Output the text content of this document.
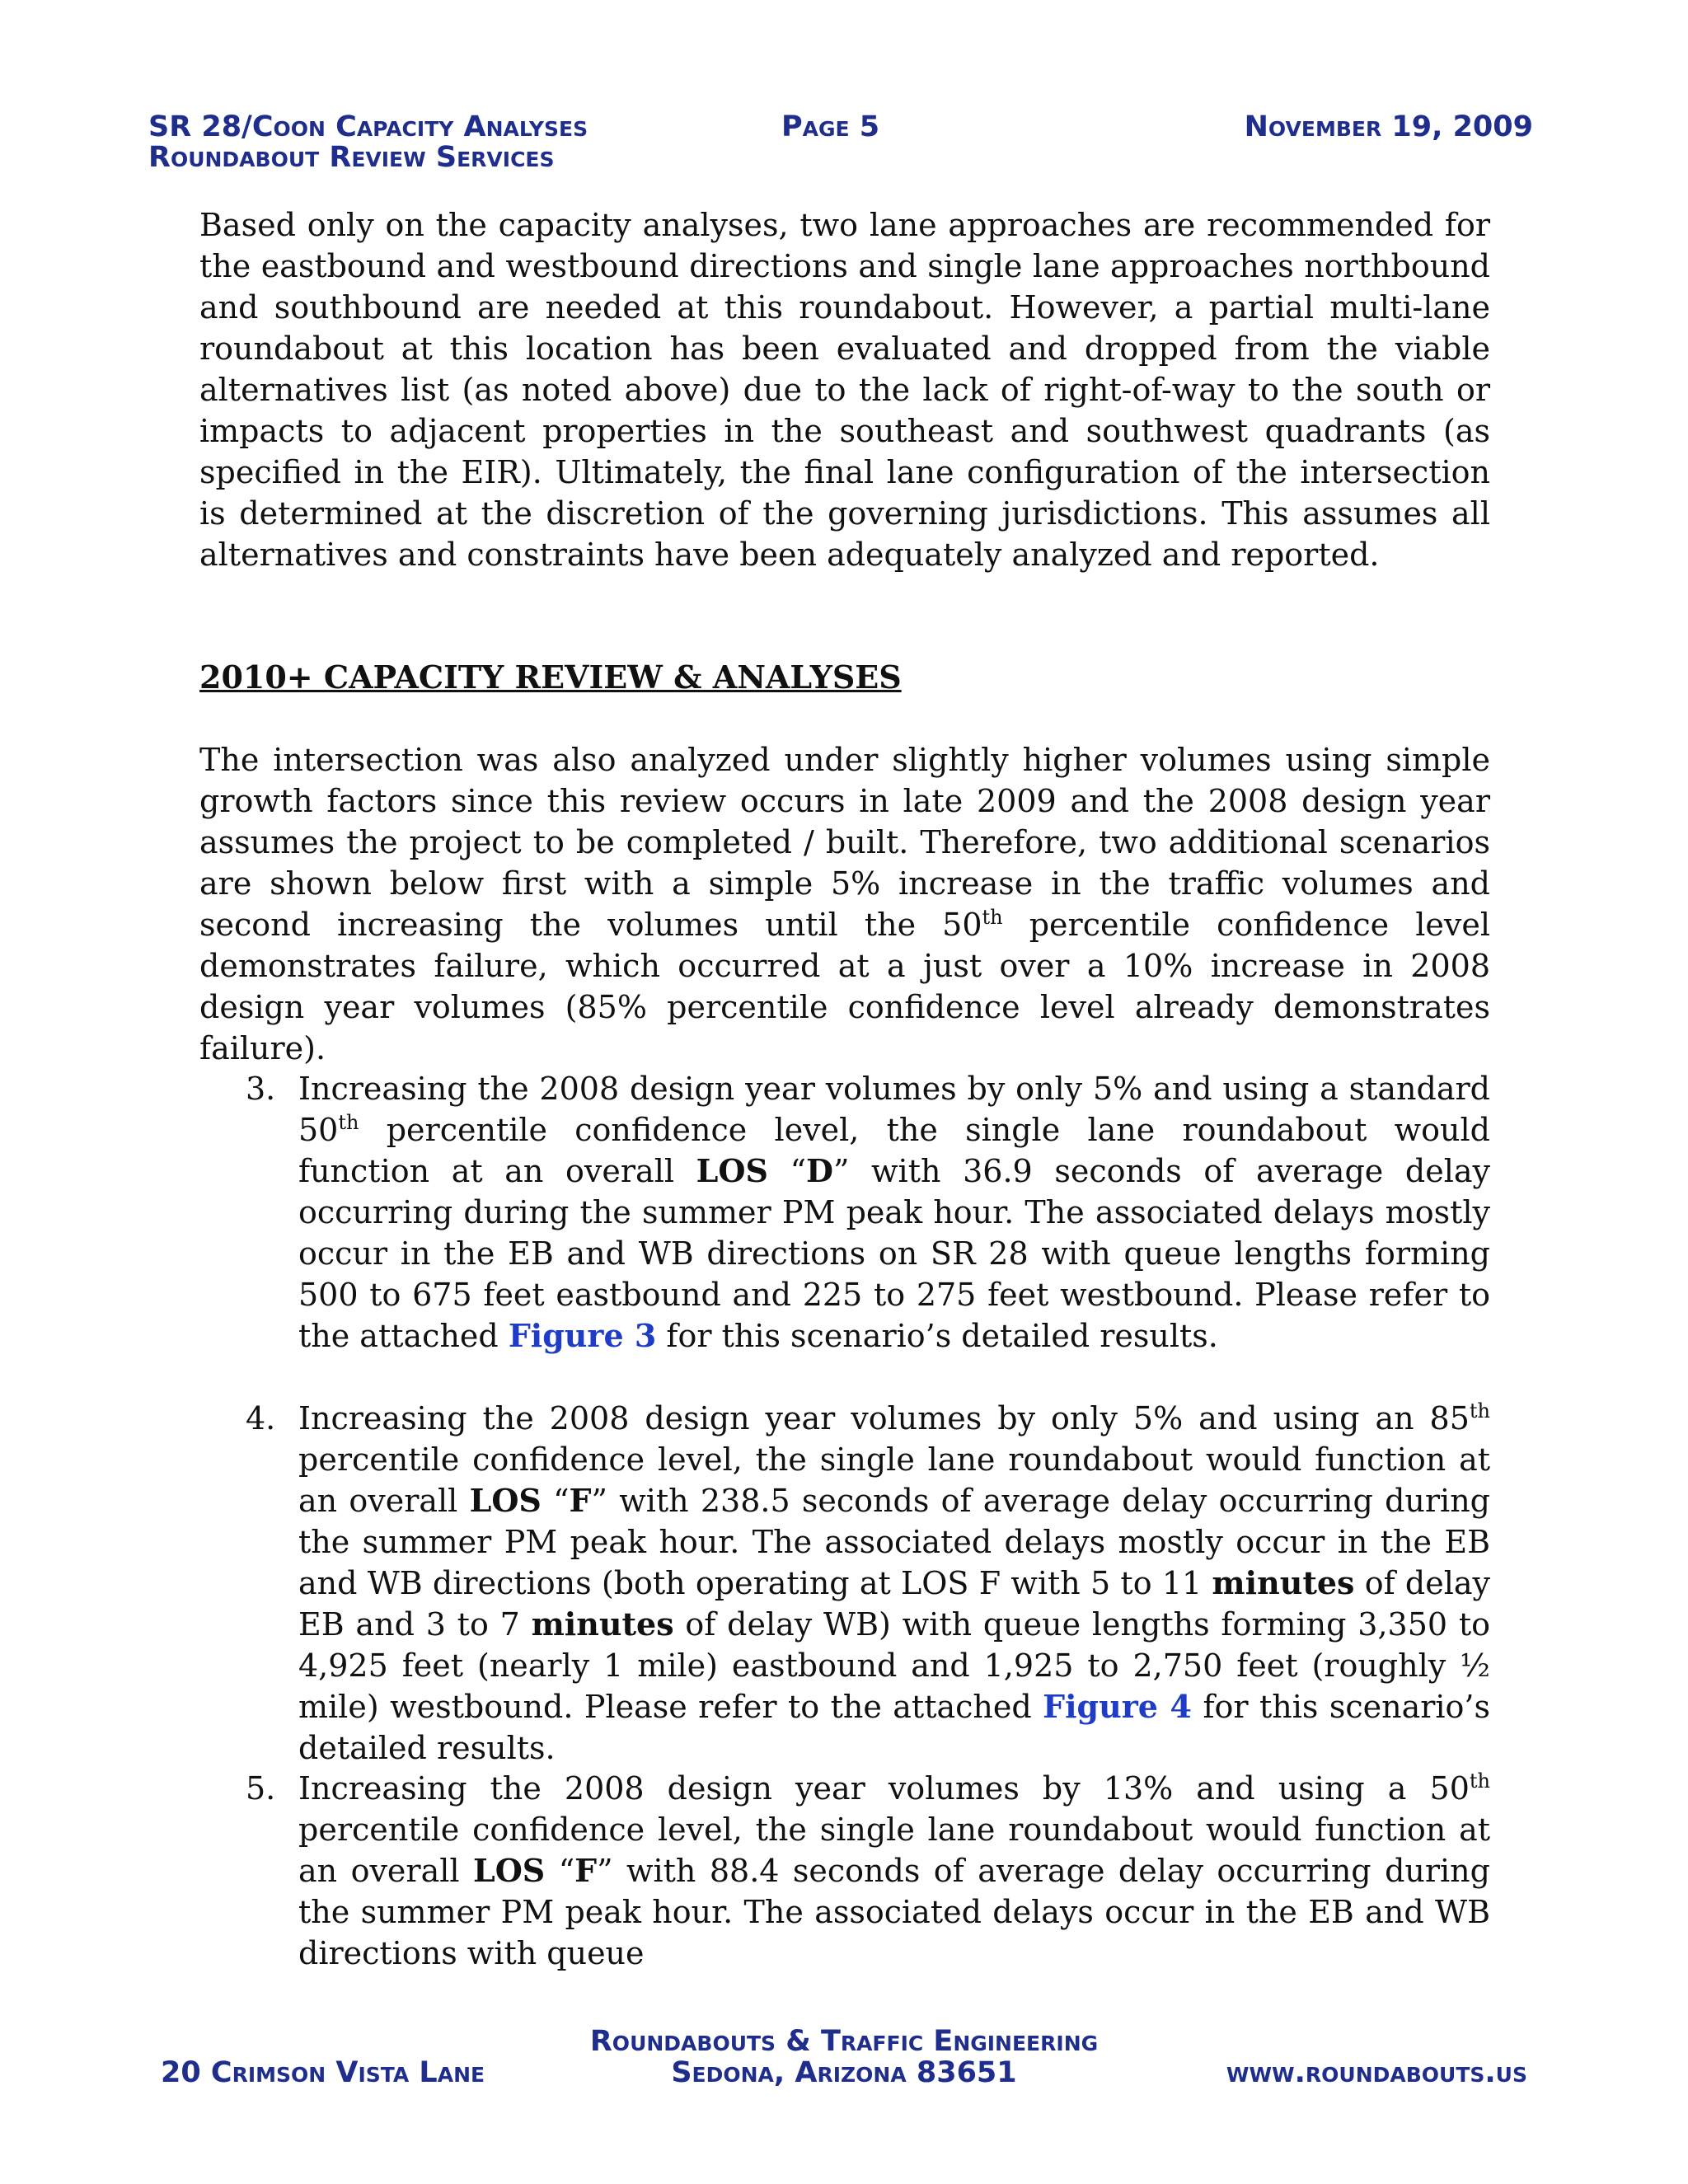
SR 28/Coon Capacity Analyses
Roundabout Review Services
Page 5	November 19, 2009

Based only on the capacity analyses, two lane approaches are recommended for the eastbound and westbound directions and single lane approaches northbound and southbound are needed at this roundabout. However, a partial multi-lane roundabout at this location has been evaluated and dropped from the viable alternatives list (as noted above) due to the lack of right-of-way to the south or impacts to adjacent properties in the southeast and southwest quadrants (as specified in the EIR). Ultimately, the final lane configuration of the intersection is determined at the discretion of the governing jurisdictions. This assumes all alternatives and constraints have been adequately analyzed and reported.

2010+ CAPACITY REVIEW & ANALYSES

The intersection was also analyzed under slightly higher volumes using simple growth factors since this review occurs in late 2009 and the 2008 design year assumes the project to be completed / built. Therefore, two additional scenarios are shown below first with a simple 5% increase in the traffic volumes and second increasing the volumes until the 50th percentile confidence level demonstrates failure, which occurred at a just over a 10% increase in 2008 design year volumes (85% percentile confidence level already demonstrates failure).

3. Increasing the 2008 design year volumes by only 5% and using a standard 50th percentile confidence level, the single lane roundabout would function at an overall LOS “D” with 36.9 seconds of average delay occurring during the summer PM peak hour. The associated delays mostly occur in the EB and WB directions on SR 28 with queue lengths forming 500 to 675 feet eastbound and 225 to 275 feet westbound. Please refer to the attached Figure 3 for this scenario’s detailed results.
4. Increasing the 2008 design year volumes by only 5% and using an 85th percentile confidence level, the single lane roundabout would function at an overall LOS “F” with 238.5 seconds of average delay occurring during the summer PM peak hour. The associated delays mostly occur in the EB and WB directions (both operating at LOS F with 5 to 11 minutes of delay EB and 3 to 7 minutes of delay WB) with queue lengths forming 3,350 to 4,925 feet (nearly 1 mile) eastbound and 1,925 to 2,750 feet (roughly ½ mile) westbound. Please refer to the attached Figure 4 for this scenario’s detailed results.
5. Increasing the 2008 design year volumes by 13% and using a 50th percentile confidence level, the single lane roundabout would function at an overall LOS “F” with 88.4 seconds of average delay occurring during the summer PM peak hour. The associated delays occur in the EB and WB directions with queue
Roundabouts & Traffic Engineering
Sedona, Arizona 83651
20 Crimson Vista Lane	www.roundabouts.us
